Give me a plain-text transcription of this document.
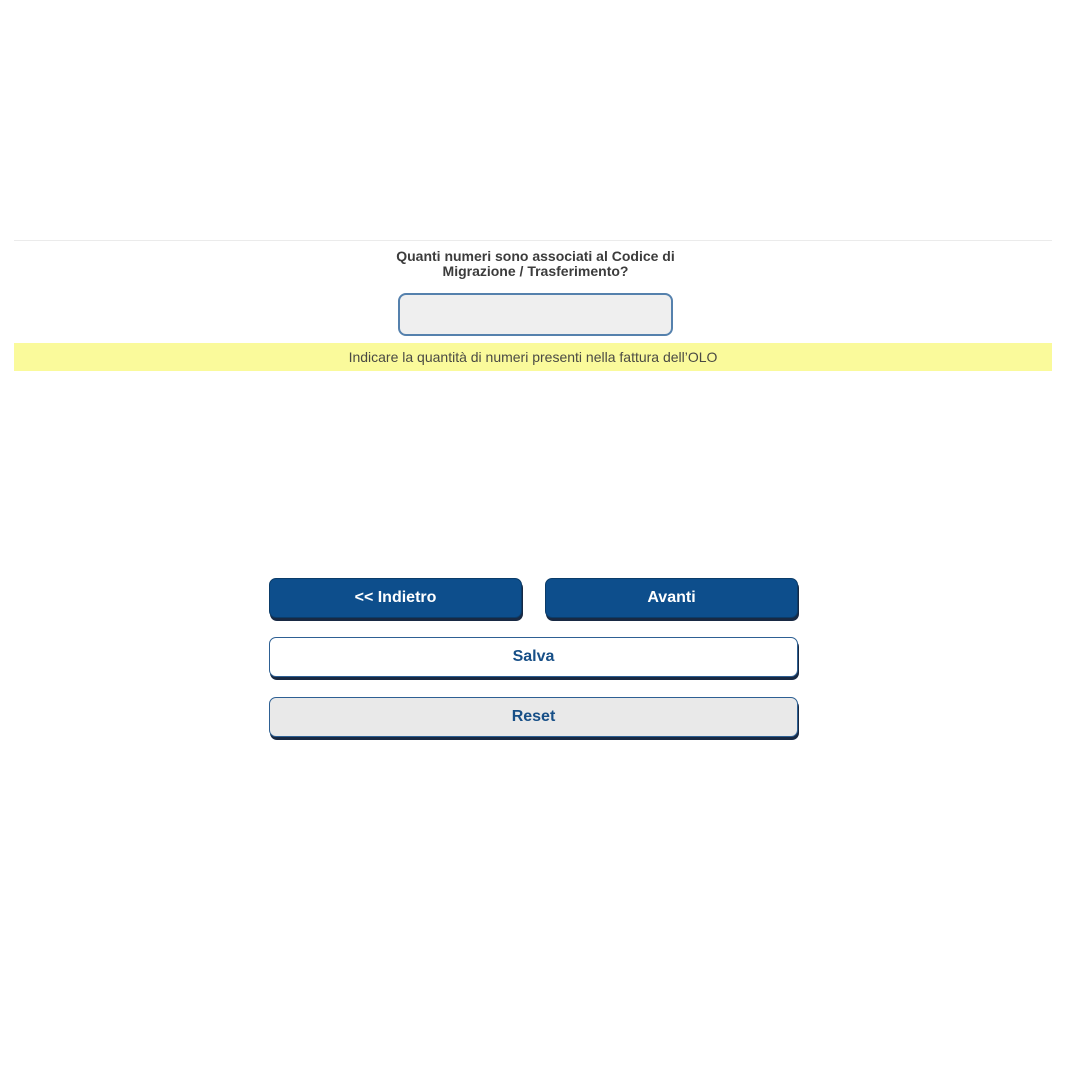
Quanti numeri sono associati al Codice di Migrazione / Trasferimento?
Indicare la quantità di numeri presenti nella fattura dell’OLO
<< Indietro	Avanti
Salva
Reset
